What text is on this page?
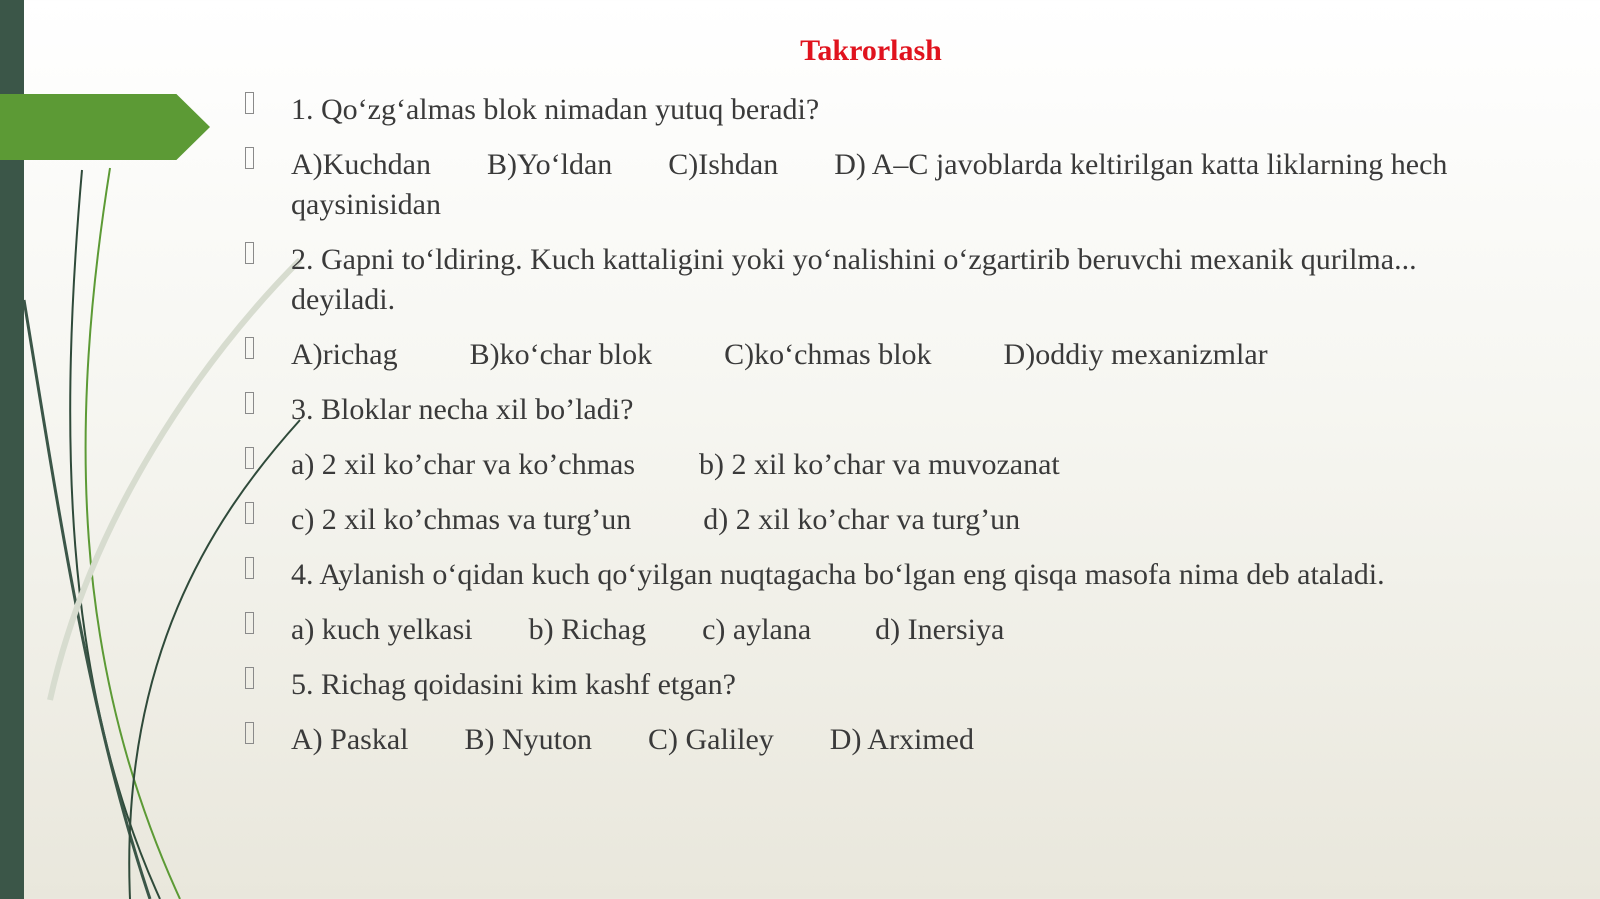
Takrorlash
1. Qo‘zg‘almas blok nimadan yutuq beradi?
A)Kuchdan B)Yo‘ldan C)Ishdan D) A–C javoblarda keltirilgan katta liklarning hech qaysinisidan
2. Gapni to‘ldiring. Kuch kattaligini yoki yo‘nalishini o‘zgartirib beruvchi mexanik qurilma... deyiladi.
A)richag B)ko‘char blok C)ko‘chmas blok D)oddiy mexanizmlar
3. Bloklar necha xil bo’ladi?
a) 2 xil ko’char va ko’chmas b) 2 xil ko’char va muvozanat
c) 2 xil ko’chmas va turg’un d) 2 xil ko’char va turg’un
4. Aylanish o‘qidan kuch qo‘yilgan nuqtagacha bo‘lgan eng qisqa masofa nima deb ataladi.
a) kuch yelkasi b) Richag c) aylana d) Inersiya
5. Richag qoidasini kim kashf etgan?
A) Paskal B) Nyuton C) Galiley D) Arximed
